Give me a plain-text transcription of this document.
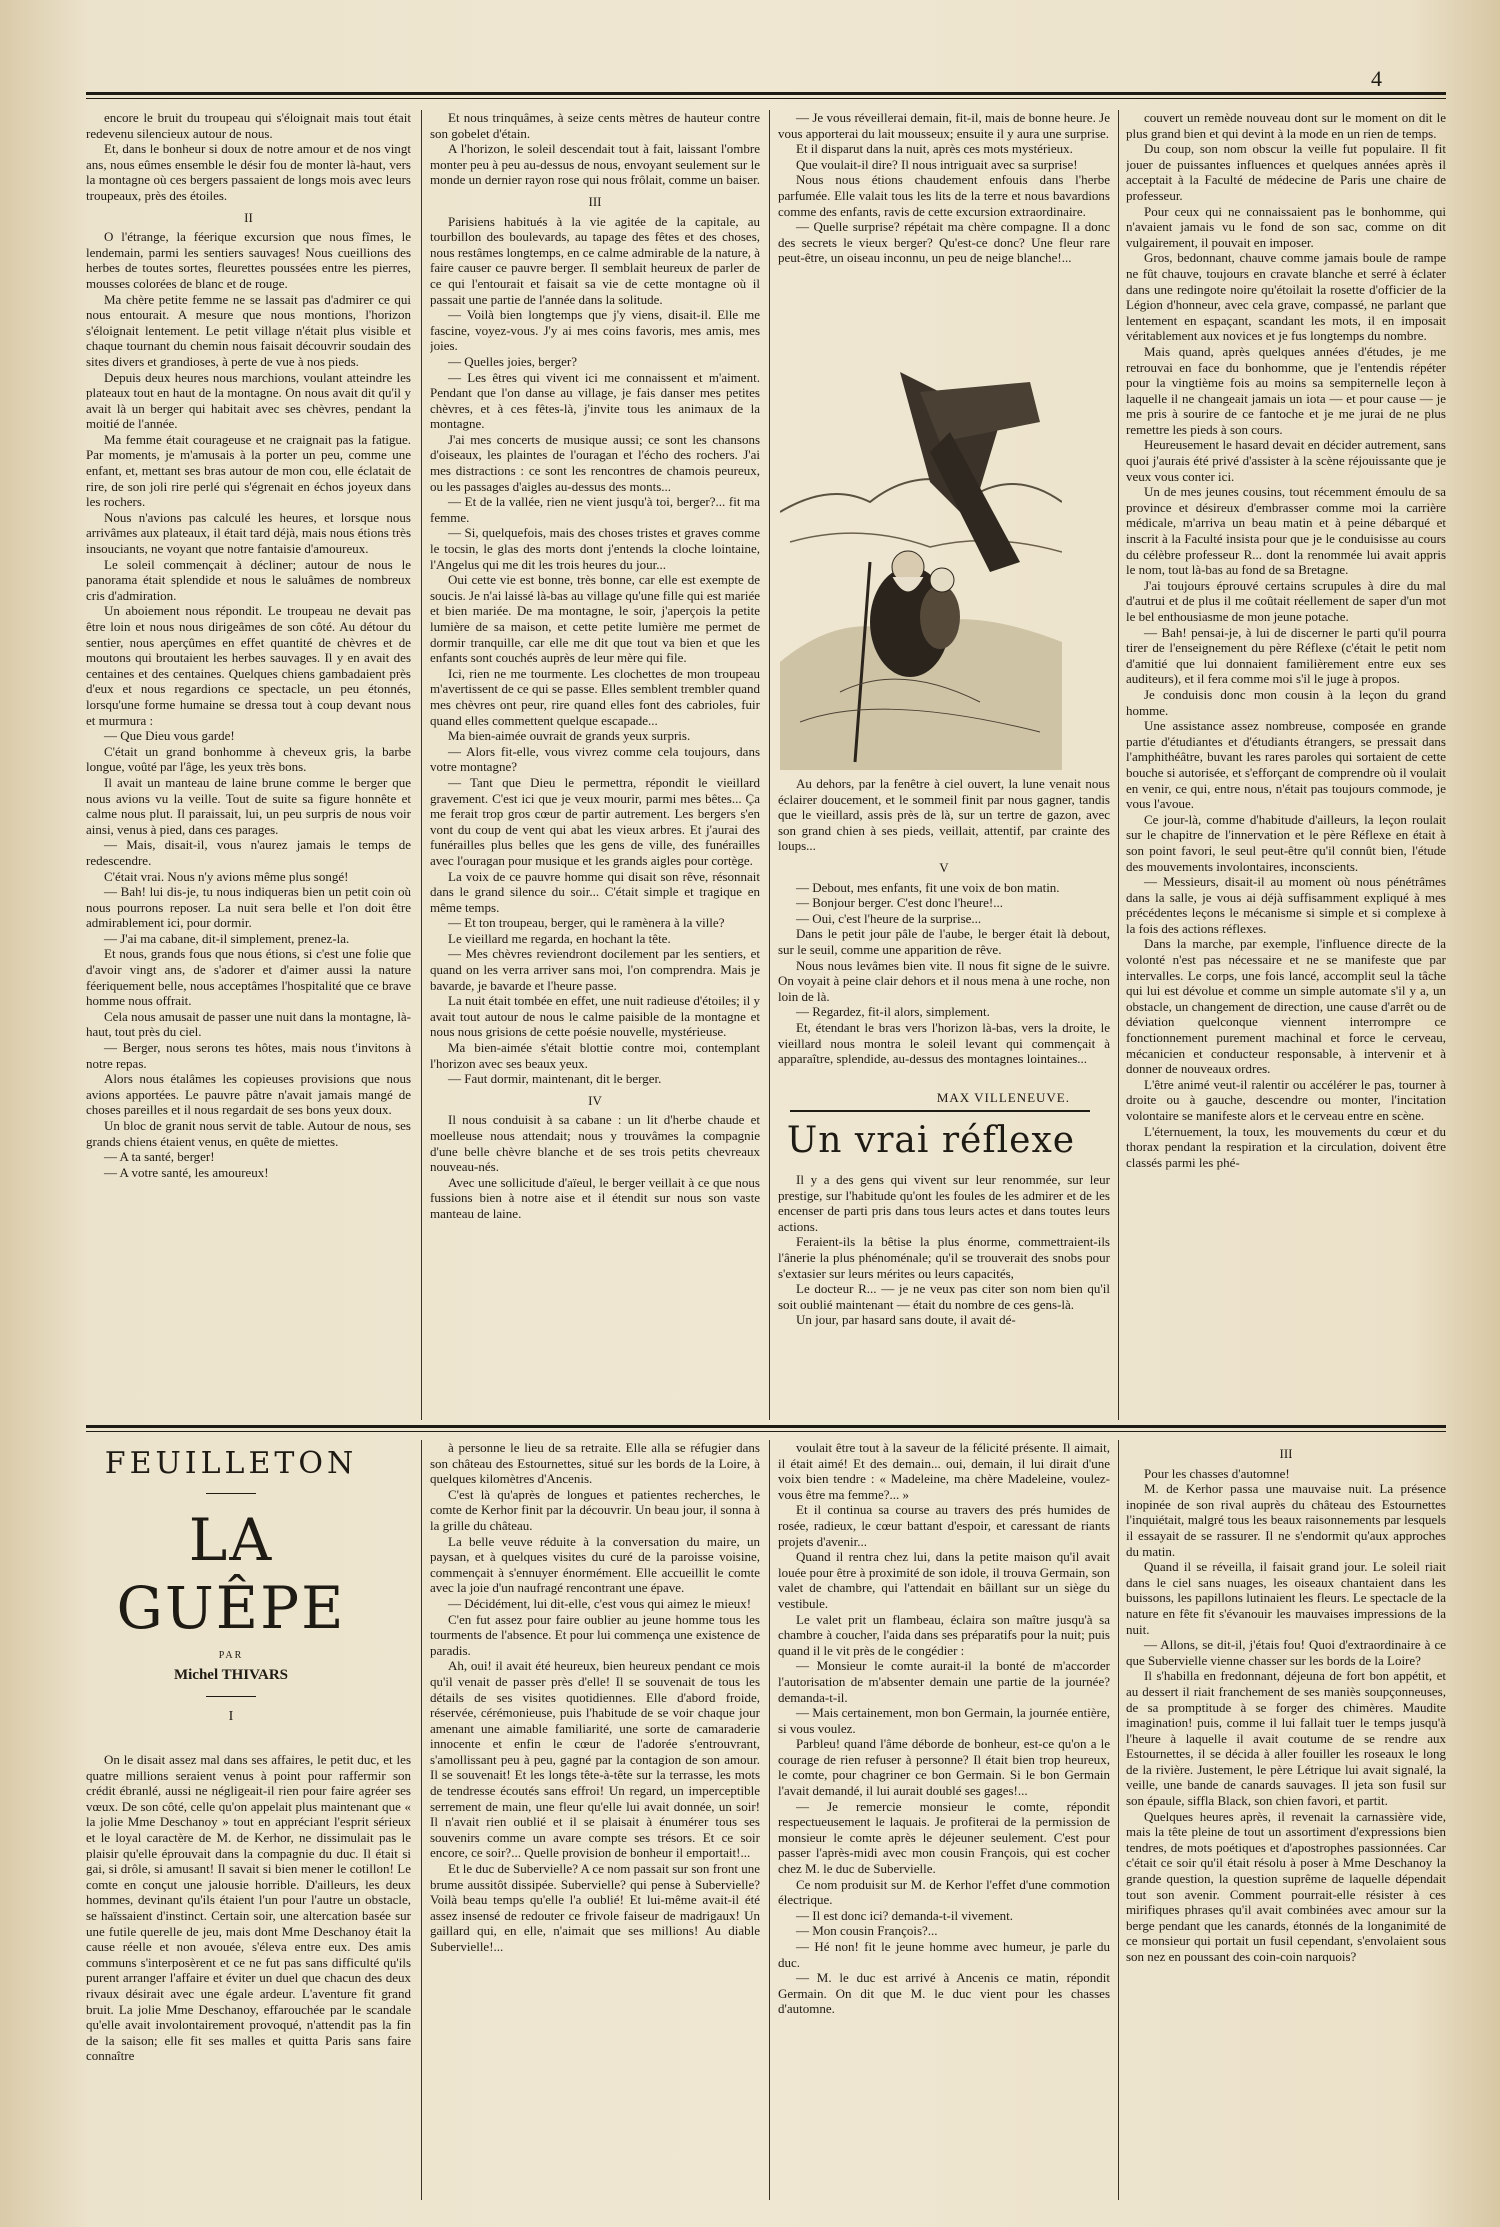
4

encore le bruit du troupeau qui s'éloignait mais tout était redevenu silencieux autour de nous.

Et, dans le bonheur si doux de notre amour et de nos vingt ans, nous eûmes ensemble le désir fou de monter là-haut, vers la montagne où ces bergers passaient de longs mois avec leurs troupeaux, près des étoiles.

II

O l'étrange, la féerique excursion que nous fîmes, le lendemain, parmi les sentiers sauvages! Nous cueillions des herbes de toutes sortes, fleurettes poussées entre les pierres, mousses colorées de blanc et de rouge.

Ma chère petite femme ne se lassait pas d'admirer ce qui nous entourait. A mesure que nous montions, l'horizon s'éloignait lentement. Le petit village n'était plus visible et chaque tournant du chemin nous faisait découvrir soudain des sites divers et grandioses, à perte de vue à nos pieds.

Depuis deux heures nous marchions, voulant atteindre les plateaux tout en haut de la montagne. On nous avait dit qu'il y avait là un berger qui habitait avec ses chèvres, pendant la moitié de l'année.

Ma femme était courageuse et ne craignait pas la fatigue. Par moments, je m'amusais à la porter un peu, comme une enfant, et, mettant ses bras autour de mon cou, elle éclatait de rire, de son joli rire perlé qui s'égrenait en échos joyeux dans les rochers.

Nous n'avions pas calculé les heures, et lorsque nous arrivâmes aux plateaux, il était tard déjà, mais nous étions très insouciants, ne voyant que notre fantaisie d'amoureux.

Le soleil commençait à décliner; autour de nous le panorama était splendide et nous le saluâmes de nombreux cris d'admiration.

Un aboiement nous répondit. Le troupeau ne devait pas être loin et nous nous dirigeâmes de son côté. Au détour du sentier, nous aperçûmes en effet quantité de chèvres et de moutons qui broutaient les herbes sauvages. Il y en avait des centaines et des centaines. Quelques chiens gambadaient près d'eux et nous regardions ce spectacle, un peu étonnés, lorsqu'une forme humaine se dressa tout à coup devant nous et murmura :

— Que Dieu vous garde!

C'était un grand bonhomme à cheveux gris, la barbe longue, voûté par l'âge, les yeux très bons.

Il avait un manteau de laine brune comme le berger que nous avions vu la veille. Tout de suite sa figure honnête et calme nous plut. Il paraissait, lui, un peu surpris de nous voir ainsi, venus à pied, dans ces parages.

— Mais, disait-il, vous n'aurez jamais le temps de redescendre.

C'était vrai. Nous n'y avions même plus songé!

— Bah! lui dis-je, tu nous indiqueras bien un petit coin où nous pourrons reposer. La nuit sera belle et l'on doit être admirablement ici, pour dormir.

— J'ai ma cabane, dit-il simplement, prenez-la.

Et nous, grands fous que nous étions, si c'est une folie que d'avoir vingt ans, de s'adorer et d'aimer aussi la nature féeriquement belle, nous acceptâmes l'hospitalité que ce brave homme nous offrait.

Cela nous amusait de passer une nuit dans la montagne, là-haut, tout près du ciel.

— Berger, nous serons tes hôtes, mais nous t'invitons à notre repas.

Alors nous étalâmes les copieuses provisions que nous avions apportées. Le pauvre pâtre n'avait jamais mangé de choses pareilles et il nous regardait de ses bons yeux doux.

Un bloc de granit nous servit de table. Autour de nous, ses grands chiens étaient venus, en quête de miettes.

— A ta santé, berger!

— A votre santé, les amoureux!

Et nous trinquâmes, à seize cents mètres de hauteur contre son gobelet d'étain.

A l'horizon, le soleil descendait tout à fait, laissant l'ombre monter peu à peu au-dessus de nous, envoyant seulement sur le monde un dernier rayon rose qui nous frôlait, comme un baiser.

III

Parisiens habitués à la vie agitée de la capitale, au tourbillon des boulevards, au tapage des fêtes et des choses, nous restâmes longtemps, en ce calme admirable de la nature, à faire causer ce pauvre berger. Il semblait heureux de parler de ce qui l'entourait et faisait sa vie de cette montagne où il passait une partie de l'année dans la solitude.

— Voilà bien longtemps que j'y viens, disait-il. Elle me fascine, voyez-vous. J'y ai mes coins favoris, mes amis, mes joies.

— Quelles joies, berger?

— Les êtres qui vivent ici me connaissent et m'aiment. Pendant que l'on danse au village, je fais danser mes petites chèvres, et à ces fêtes-là, j'invite tous les animaux de la montagne.

J'ai mes concerts de musique aussi; ce sont les chansons d'oiseaux, les plaintes de l'ouragan et l'écho des rochers. J'ai mes distractions : ce sont les rencontres de chamois peureux, ou les passages d'aigles au-dessus des monts...

— Et de la vallée, rien ne vient jusqu'à toi, berger?... fit ma femme.

— Si, quelquefois, mais des choses tristes et graves comme le tocsin, le glas des morts dont j'entends la cloche lointaine, l'Angelus qui me dit les trois heures du jour...

Oui cette vie est bonne, très bonne, car elle est exempte de soucis. Je n'ai laissé là-bas au village qu'une fille qui est mariée et bien mariée. De ma montagne, le soir, j'aperçois la petite lumière de sa maison, et cette petite lumière me permet de dormir tranquille, car elle me dit que tout va bien et que les enfants sont couchés auprès de leur mère qui file.

Ici, rien ne me tourmente. Les clochettes de mon troupeau m'avertissent de ce qui se passe. Elles semblent trembler quand mes chèvres ont peur, rire quand elles font des cabrioles, fuir quand elles commettent quelque escapade...

Ma bien-aimée ouvrait de grands yeux surpris.

— Alors fit-elle, vous vivrez comme cela toujours, dans votre montagne?

— Tant que Dieu le permettra, répondit le vieillard gravement. C'est ici que je veux mourir, parmi mes bêtes... Ça me ferait trop gros cœur de partir autrement. Les bergers s'en vont du coup de vent qui abat les vieux arbres. Et j'aurai des funérailles plus belles que les gens de ville, des funérailles avec l'ouragan pour musique et les grands aigles pour cortège.

La voix de ce pauvre homme qui disait son rêve, résonnait dans le grand silence du soir... C'était simple et tragique en même temps.

— Et ton troupeau, berger, qui le ramènera à la ville?

Le vieillard me regarda, en hochant la tête.

— Mes chèvres reviendront docilement par les sentiers, et quand on les verra arriver sans moi, l'on comprendra. Mais je bavarde, je bavarde et l'heure passe.

La nuit était tombée en effet, une nuit radieuse d'étoiles; il y avait tout autour de nous le calme paisible de la montagne et nous nous grisions de cette poésie nouvelle, mystérieuse.

Ma bien-aimée s'était blottie contre moi, contemplant l'horizon avec ses beaux yeux.

— Faut dormir, maintenant, dit le berger.

IV

Il nous conduisit à sa cabane : un lit d'herbe chaude et moelleuse nous attendait; nous y trouvâmes la compagnie d'une belle chèvre blanche et de ses trois petits chevreaux nouveau-nés.

Avec une sollicitude d'aïeul, le berger veillait à ce que nous fussions bien à notre aise et il étendit sur nous son vaste manteau de laine.

— Je vous réveillerai demain, fit-il, mais de bonne heure. Je vous apporterai du lait mousseux; ensuite il y aura une surprise.

Et il disparut dans la nuit, après ces mots mystérieux.

Que voulait-il dire? Il nous intriguait avec sa surprise!

Nous nous étions chaudement enfouis dans l'herbe parfumée. Elle valait tous les lits de la terre et nous bavardions comme des enfants, ravis de cette excursion extraordinaire.

— Quelle surprise? répétait ma chère compagne. Il a donc des secrets le vieux berger? Qu'est-ce donc? Une fleur rare peut-être, un oiseau inconnu, un peu de neige blanche!...

Au dehors, par la fenêtre à ciel ouvert, la lune venait nous éclairer doucement, et le sommeil finit par nous gagner, tandis que le vieillard, assis près de là, sur un tertre de gazon, avec son grand chien à ses pieds, veillait, attentif, par crainte des loups...

V

— Debout, mes enfants, fit une voix de bon matin.

— Bonjour berger. C'est donc l'heure!...

— Oui, c'est l'heure de la surprise...

Dans le petit jour pâle de l'aube, le berger était là debout, sur le seuil, comme une apparition de rêve.

Nous nous levâmes bien vite. Il nous fit signe de le suivre. On voyait à peine clair dehors et il nous mena à une roche, non loin de là.

— Regardez, fit-il alors, simplement.

Et, étendant le bras vers l'horizon là-bas, vers la droite, le vieillard nous montra le soleil levant qui commençait à apparaître, splendide, au-dessus des montagnes lointaines...

MAX VILLENEUVE.
Un vrai réflexe

Il y a des gens qui vivent sur leur renommée, sur leur prestige, sur l'habitude qu'ont les foules de les admirer et de les encenser de parti pris dans tous leurs actes et dans toutes leurs actions.

Feraient-ils la bêtise la plus énorme, commettraient-ils l'ânerie la plus phénoménale; qu'il se trouverait des snobs pour s'extasier sur leurs mérites ou leurs capacités,

Le docteur R... — je ne veux pas citer son nom bien qu'il soit oublié maintenant — était du nombre de ces gens-là.

Un jour, par hasard sans doute, il avait dé-

couvert un remède nouveau dont sur le moment on dit le plus grand bien et qui devint à la mode en un rien de temps.

Du coup, son nom obscur la veille fut populaire. Il fit jouer de puissantes influences et quelques années après il acceptait à la Faculté de médecine de Paris une chaire de professeur.

Pour ceux qui ne connaissaient pas le bonhomme, qui n'avaient jamais vu le fond de son sac, comme on dit vulgairement, il pouvait en imposer.

Gros, bedonnant, chauve comme jamais boule de rampe ne fût chauve, toujours en cravate blanche et serré à éclater dans une redingote noire qu'étoilait la rosette d'officier de la Légion d'honneur, avec cela grave, compassé, ne parlant que lentement en espaçant, scandant les mots, il en imposait véritablement aux novices et je fus longtemps du nombre.

Mais quand, après quelques années d'études, je me retrouvai en face du bonhomme, que je l'entendis répéter pour la vingtième fois au moins sa sempiternelle leçon à laquelle il ne changeait jamais un iota — et pour cause — je me pris à sourire de ce fantoche et je me jurai de ne plus remettre les pieds à son cours.

Heureusement le hasard devait en décider autrement, sans quoi j'aurais été privé d'assister à la scène réjouissante que je veux vous conter ici.

Un de mes jeunes cousins, tout récemment émoulu de sa province et désireux d'embrasser comme moi la carrière médicale, m'arriva un beau matin et à peine débarqué et inscrit à la Faculté insista pour que je le conduisisse au cours du célèbre professeur R... dont la renommée lui avait appris le nom, tout là-bas au fond de sa Bretagne.

J'ai toujours éprouvé certains scrupules à dire du mal d'autrui et de plus il me coûtait réellement de saper d'un mot le bel enthousiasme de mon jeune potache.

— Bah! pensai-je, à lui de discerner le parti qu'il pourra tirer de l'enseignement du père Réflexe (c'était le petit nom d'amitié que lui donnaient familièrement entre eux ses auditeurs), et il fera comme moi s'il le juge à propos.

Je conduisis donc mon cousin à la leçon du grand homme.

Une assistance assez nombreuse, composée en grande partie d'étudiantes et d'étudiants étrangers, se pressait dans l'amphithéâtre, buvant les rares paroles qui sortaient de cette bouche si autorisée, et s'efforçant de comprendre où il voulait en venir, ce qui, entre nous, n'était pas toujours commode, je vous l'avoue.

Ce jour-là, comme d'habitude d'ailleurs, la leçon roulait sur le chapitre de l'innervation et le père Réflexe en était à son point favori, le seul peut-être qu'il connût bien, l'étude des mouvements involontaires, inconscients.

— Messieurs, disait-il au moment où nous pénétrâmes dans la salle, je vous ai déjà suffisamment expliqué à mes précédentes leçons le mécanisme si simple et si complexe à la fois des actions réflexes.

Dans la marche, par exemple, l'influence directe de la volonté n'est pas nécessaire et ne se manifeste que par intervalles. Le corps, une fois lancé, accomplit seul la tâche qui lui est dévolue et comme un simple automate s'il y a, un obstacle, un changement de direction, une cause d'arrêt ou de déviation quelconque viennent interrompre ce fonctionnement purement machinal et force le cerveau, mécanicien et conducteur responsable, à intervenir et à donner de nouveaux ordres.

L'être animé veut-il ralentir ou accélérer le pas, tourner à droite ou à gauche, descendre ou monter, l'incitation volontaire se manifeste alors et le cerveau entre en scène.

L'éternuement, la toux, les mouvements du cœur et du thorax pendant la respiration et la circulation, doivent être classés parmi les phé-

FEUILLETON
LA GUÊPE
PAR
Michel THIVARS
I

On le disait assez mal dans ses affaires, le petit duc, et les quatre millions seraient venus à point pour raffermir son crédit ébranlé, aussi ne négligeait-il rien pour faire agréer ses vœux. De son côté, celle qu'on appelait plus maintenant que « la jolie Mme Deschanoy » tout en appréciant l'esprit sérieux et le loyal caractère de M. de Kerhor, ne dissimulait pas le plaisir qu'elle éprouvait dans la compagnie du duc. Il était si gai, si drôle, si amusant! Il savait si bien mener le cotillon! Le comte en conçut une jalousie horrible. D'ailleurs, les deux hommes, devinant qu'ils étaient l'un pour l'autre un obstacle, se haïssaient d'instinct. Certain soir, une altercation basée sur une futile querelle de jeu, mais dont Mme Deschanoy était la cause réelle et non avouée, s'éleva entre eux. Des amis communs s'interposèrent et ce ne fut pas sans difficulté qu'ils purent arranger l'affaire et éviter un duel que chacun des deux rivaux désirait avec une égale ardeur. L'aventure fit grand bruit. La jolie Mme Deschanoy, effarouchée par le scandale qu'elle avait involontairement provoqué, n'attendit pas la fin de la saison; elle fit ses malles et quitta Paris sans faire connaître

à personne le lieu de sa retraite. Elle alla se réfugier dans son château des Estournettes, situé sur les bords de la Loire, à quelques kilomètres d'Ancenis.

C'est là qu'après de longues et patientes recherches, le comte de Kerhor finit par la découvrir. Un beau jour, il sonna à la grille du château.

La belle veuve réduite à la conversation du maire, un paysan, et à quelques visites du curé de la paroisse voisine, commençait à s'ennuyer énormément. Elle accueillit le comte avec la joie d'un naufragé rencontrant une épave.

— Décidément, lui dit-elle, c'est vous qui aimez le mieux!

C'en fut assez pour faire oublier au jeune homme tous les tourments de l'absence. Et pour lui commença une existence de paradis.

Ah, oui! il avait été heureux, bien heureux pendant ce mois qu'il venait de passer près d'elle! Il se souvenait de tous les détails de ses visites quotidiennes. Elle d'abord froide, réservée, cérémonieuse, puis l'habitude de se voir chaque jour amenant une aimable familiarité, une sorte de camaraderie innocente et enfin le cœur de l'adorée s'entrouvrant, s'amollissant peu à peu, gagné par la contagion de son amour. Il se souvenait! Et les longs tête-à-tête sur la terrasse, les mots de tendresse écoutés sans effroi! Un regard, un imperceptible serrement de main, une fleur qu'elle lui avait donnée, un soir! Il n'avait rien oublié et il se plaisait à énumérer tous ses souvenirs comme un avare compte ses trésors. Et ce soir encore, ce soir?... Quelle provision de bonheur il emportait!...

Et le duc de Subervielle? A ce nom passait sur son front une brume aussitôt dissipée. Subervielle? qui pense à Subervielle? Voilà beau temps qu'elle l'a oublié! Et lui-même avait-il été assez insensé de redouter ce frivole faiseur de madrigaux! Un gaillard qui, en elle, n'aimait que ses millions! Au diable Subervielle!...

voulait être tout à la saveur de la félicité présente. Il aimait, il était aimé! Et des demain... oui, demain, il lui dirait d'une voix bien tendre : « Madeleine, ma chère Madeleine, voulez-vous être ma femme?... »

Et il continua sa course au travers des prés humides de rosée, radieux, le cœur battant d'espoir, et caressant de riants projets d'avenir...

Quand il rentra chez lui, dans la petite maison qu'il avait louée pour être à proximité de son idole, il trouva Germain, son valet de chambre, qui l'attendait en bâillant sur un siège du vestibule.

Le valet prit un flambeau, éclaira son maître jusqu'à sa chambre à coucher, l'aida dans ses préparatifs pour la nuit; puis quand il le vit près de le congédier :

— Monsieur le comte aurait-il la bonté de m'accorder l'autorisation de m'absenter demain une partie de la journée? demanda-t-il.

— Mais certainement, mon bon Germain, la journée entière, si vous voulez.

Parbleu! quand l'âme déborde de bonheur, est-ce qu'on a le courage de rien refuser à personne? Il était bien trop heureux, le comte, pour chagriner ce bon Germain. Si le bon Germain l'avait demandé, il lui aurait doublé ses gages!...

— Je remercie monsieur le comte, répondit respectueusement le laquais. Je profiterai de la permission de monsieur le comte après le déjeuner seulement. C'est pour passer l'après-midi avec mon cousin François, qui est cocher chez M. le duc de Subervielle.

Ce nom produisit sur M. de Kerhor l'effet d'une commotion électrique.

— Il est donc ici? demanda-t-il vivement.

— Mon cousin François?...

— Hé non! fit le jeune homme avec humeur, je parle du duc.

— M. le duc est arrivé à Ancenis ce matin, répondit Germain. On dit que M. le duc vient pour les chasses d'automne.

III

Pour les chasses d'automne!

M. de Kerhor passa une mauvaise nuit. La présence inopinée de son rival auprès du château des Estournettes l'inquiétait, malgré tous les beaux raisonnements par lesquels il essayait de se rassurer. Il ne s'endormit qu'aux approches du matin.

Quand il se réveilla, il faisait grand jour. Le soleil riait dans le ciel sans nuages, les oiseaux chantaient dans les buissons, les papillons lutinaient les fleurs. Le spectacle de la nature en fête fit s'évanouir les mauvaises impressions de la nuit.

— Allons, se dit-il, j'étais fou! Quoi d'extraordinaire à ce que Subervielle vienne chasser sur les bords de la Loire?

Il s'habilla en fredonnant, déjeuna de fort bon appétit, et au dessert il riait franchement de ses maniès soupçonneuses, de sa promptitude à se forger des chimères. Maudite imagination! puis, comme il lui fallait tuer le temps jusqu'à l'heure à laquelle il avait coutume de se rendre aux Estournettes, il se décida à aller fouiller les roseaux le long de la rivière. Justement, le père Létrique lui avait signalé, la veille, une bande de canards sauvages. Il jeta son fusil sur son épaule, siffla Black, son chien favori, et partit.

Quelques heures après, il revenait la carnassière vide, mais la tête pleine de tout un assortiment d'expressions bien tendres, de mots poétiques et d'apostrophes passionnées. Car c'était ce soir qu'il était résolu à poser à Mme Deschanoy la grande question, la question suprême de laquelle dépendait tout son avenir. Comment pourrait-elle résister à ces mirifiques phrases qu'il avait combinées avec amour sur la berge pendant que les canards, étonnés de la longanimité de ce monsieur qui portait un fusil cependant, s'envolaient sous son nez en poussant des coin-coin narquois?
